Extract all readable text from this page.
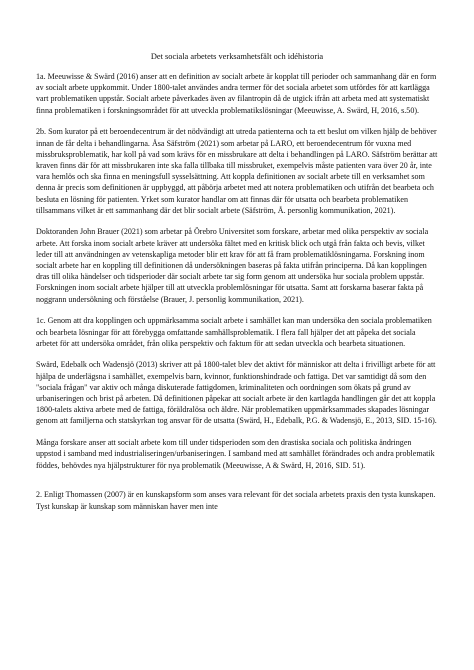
Det sociala arbetets verksamhetsfält och idéhistoria

1a. Meeuwisse & Swärd (2016) anser att en definition av socialt arbete är kopplat till perioder och sammanhang där en form av socialt arbete uppkommit. Under 1800-talet användes andra termer för det sociala arbetet som utfördes för att kartlägga vart problematiken uppstår. Socialt arbete påverkades även av filantropin då de utgick ifrån att arbeta med att systematiskt finna problematiken i forskningsområdet för att utveckla problematikslösningar (Meeuwisse, A. Swärd, H, 2016, s.50).

2b. Som kurator på ett beroendecentrum är det nödvändigt att utreda patienterna och ta ett beslut om vilken hjälp de behöver innan de får delta i behandlingarna. Åsa Säfström (2021) som arbetar på LARO, ett beroendecentrum för vuxna med missbruksproblematik, har koll på vad som krävs för en missbrukare att delta i behandlingen på LARO. Säfström berättar att kraven finns där för att missbrukaren inte ska falla tillbaka till missbruket, exempelvis måste patienten vara över 20 år, inte vara hemlös och ska finna en meningsfull sysselsättning. Att koppla definitionen av socialt arbete till en verksamhet som denna är precis som definitionen är uppbyggd, att påbörja arbetet med att notera problematiken och utifrån det bearbeta och besluta en lösning för patienten. Yrket som kurator handlar om att finnas där för utsatta och bearbeta problematiken tillsammans vilket är ett sammanhang där det blir socialt arbete (Säfström, Å. personlig kommunikation, 2021).

Doktoranden John Brauer (2021) som arbetar på Örebro Universitet som forskare, arbetar med olika perspektiv av sociala arbete. Att forska inom socialt arbete kräver att undersöka fältet med en kritisk blick och utgå från fakta och bevis, vilket leder till att användningen av vetenskapliga metoder blir ett krav för att få fram problematiklösningarna. Forskning inom socialt arbete har en koppling till definitionen då undersökningen baseras på fakta utifrån principerna. Då kan kopplingen dras till olika händelser och tidsperioder där socialt arbete tar sig form genom att undersöka hur sociala problem uppstår. Forskningen inom socialt arbete hjälper till att utveckla problemlösningar för utsatta. Samt att forskarna baserar fakta på noggrann undersökning och förståelse (Brauer, J. personlig kommunikation, 2021).

1c. Genom att dra kopplingen och uppmärksamma socialt arbete i samhället kan man undersöka den sociala problematiken och bearbeta lösningar för att förebygga omfattande samhällsproblematik. I flera fall hjälper det att påpeka det sociala arbetet för att undersöka området, från olika perspektiv och faktum för att sedan utveckla och bearbeta situationen.

Swärd, Edebalk och Wadensjö (2013) skriver att på 1800-talet blev det aktivt för människor att delta i frivilligt arbete för att hjälpa de underlägsna i samhället, exempelvis barn, kvinnor, funktionshindrade och fattiga. Det var samtidigt då som den "sociala frågan" var aktiv och många diskuterade fattigdomen, kriminaliteten och oordningen som ökats på grund av urbaniseringen och brist på arbeten. Då definitionen påpekar att socialt arbete är den kartlagda handlingen går det att koppla 1800-talets aktiva arbete med de fattiga, föräldralösa och äldre. När problematiken uppmärksammades skapades lösningar genom att familjerna och statskyrkan tog ansvar för de utsatta (Swärd, H., Edebalk, P.G. & Wadensjö, E., 2013, SID. 15-16).

Många forskare anser att socialt arbete kom till under tidsperioden som den drastiska sociala och politiska ändringen uppstod i samband med industrialiseringen/urbaniseringen. I samband med att samhället förändrades och andra problematik föddes, behövdes nya hjälpstrukturer för nya problematik (Meeuwisse, A & Swärd, H, 2016, SID. 51).

2. Enligt Thomassen (2007) är en kunskapsform som anses vara relevant för det sociala arbetets praxis den tysta kunskapen. Tyst kunskap är kunskap som människan haver men inte
